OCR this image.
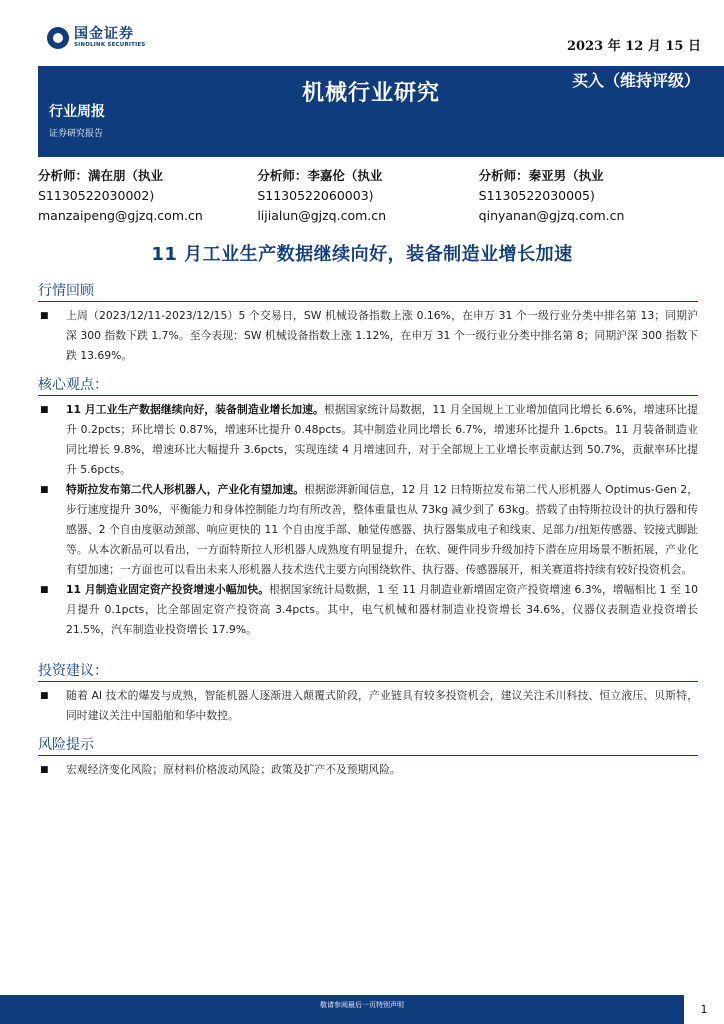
国金证券
SINOLINK SECURITIES	2023 年 12 月 15 日
机械行业研究
买入（维持评级）
行业周报
证券研究报告
分析师：满在朋（执业
S1130522030002)
manzaipeng@gjzq.com.cn
分析师：李嘉伦（执业
S1130522060003)
lijialun@gjzq.com.cn
分析师：秦亚男（执业
S1130522030005)
qinyanan@gjzq.com.cn
11 月工业生产数据继续向好，装备制造业增长加速
行情回顾
■	上周（2023/12/11-2023/12/15）5 个交易日，SW 机械设备指数上涨 0.16%，在申万 31 个一级行业分类中排名第 13；同期沪深 300 指数下跌 1.7%。至今表现：SW 机械设备指数上涨 1.12%，在申万 31 个一级行业分类中排名第 8；同期沪深 300 指数下跌 13.69%。
核心观点：
■	11 月工业生产数据继续向好，装备制造业增长加速。根据国家统计局数据，11 月全国规上工业增加值同比增长 6.6%，增速环比提升 0.2pcts；环比增长 0.87%，增速环比提升 0.48pcts。其中制造业同比增长 6.7%，增速环比提升 1.6pcts。11 月装备制造业同比增长 9.8%，增速环比大幅提升 3.6pcts，实现连续 4 月增速回升，对于全部规上工业增长率贡献达到 50.7%，贡献率环比提升 5.6pcts。
■	特斯拉发布第二代人形机器人，产业化有望加速。根据澎湃新闻信息，12 月 12 日特斯拉发布第二代人形机器人 Optimus-Gen 2，步行速度提升 30%，平衡能力和身体控制能力均有所改善，整体重量也从 73kg 减少到了 63kg。搭载了由特斯拉设计的执行器和传感器、2 个自由度驱动颈部、响应更快的 11 个自由度手部、触觉传感器、执行器集成电子和线束、足部力/扭矩传感器、铰接式脚趾等。从本次新品可以看出，一方面特斯拉人形机器人成熟度有明显提升，在软、硬件同步升级加持下潜在应用场景不断拓展，产业化有望加速；一方面也可以看出未来人形机器人技术迭代主要方向围绕软件、执行器、传感器展开，相关赛道将持续有较好投资机会。
■	11 月制造业固定资产投资增速小幅加快。根据国家统计局数据，1 至 11 月制造业新增固定资产投资增速 6.3%，增幅相比 1 至 10 月提升 0.1pcts，比全部固定资产投资高 3.4pcts。其中，电气机械和器材制造业投资增长 34.6%，仪器仪表制造业投资增长 21.5%，汽车制造业投资增长 17.9%。
投资建议：
■	随着 AI 技术的爆发与成熟，智能机器人逐渐进入颠覆式阶段，产业链具有较多投资机会，建议关注禾川科技、恒立液压、贝斯特，同时建议关注中国船舶和华中数控。
风险提示
■	宏观经济变化风险；原材料价格波动风险；政策及扩产不及预期风险。
敬请参阅最后一页特别声明	1
